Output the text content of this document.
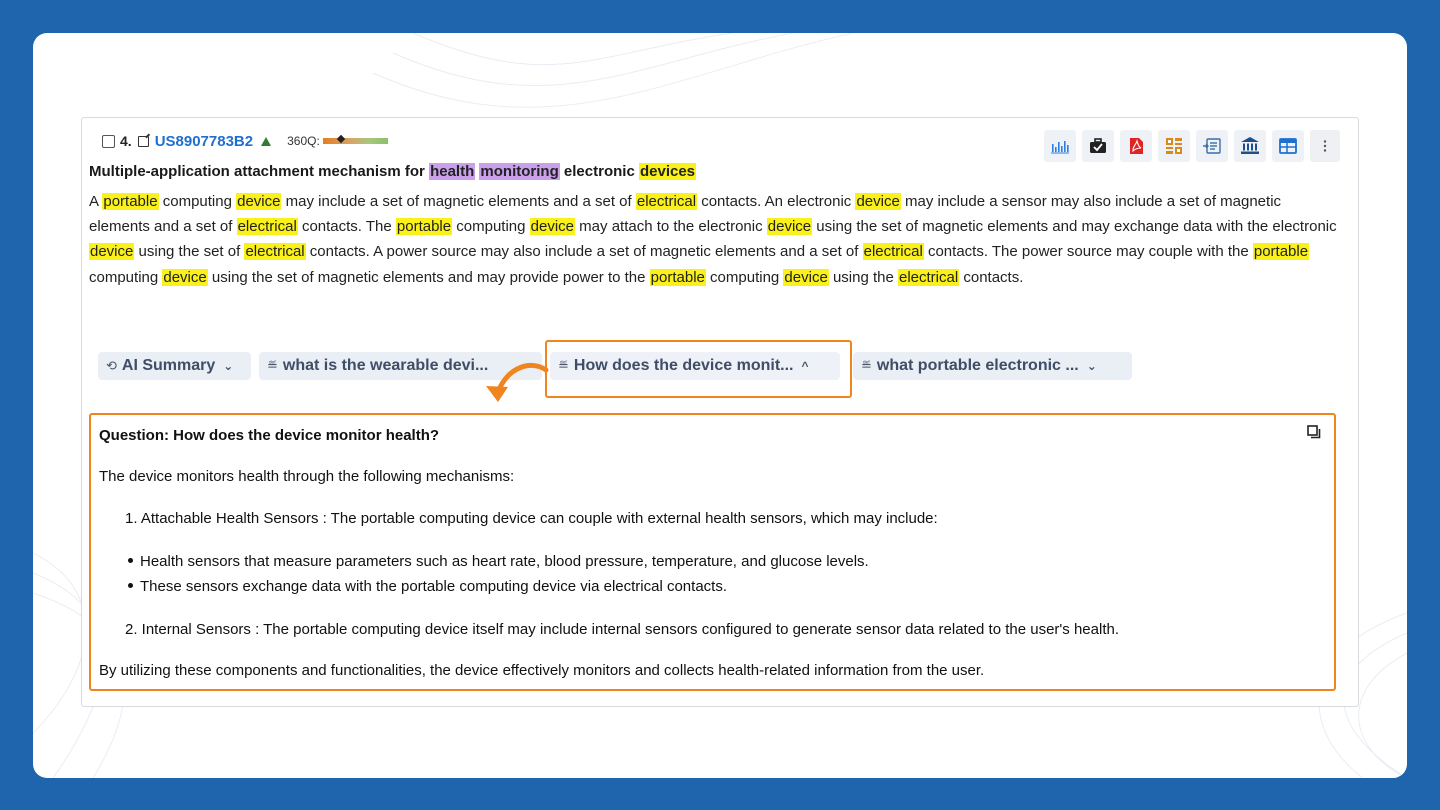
4. US8907783B2	360Q:
Multiple-application attachment mechanism for health monitoring electronic devices
A portable computing device may include a set of magnetic elements and a set of electrical contacts. An electronic device may include a sensor may also include a set of magnetic elements and a set of electrical contacts. The portable computing device may attach to the electronic device using the set of magnetic elements and may exchange data with the electronic device using the set of electrical contacts. A power source may also include a set of magnetic elements and a set of electrical contacts. The power source may couple with the portable computing device using the set of magnetic elements and may provide power to the portable computing device using the electrical contacts.
⟲ AI Summary ⌄	≝ what is the wearable devi...	≝ How does the device monit... ^	≝ what portable electronic ... ⌄
Question: How does the device monitor health?
The device monitors health through the following mechanisms:
1. Attachable Health Sensors : The portable computing device can couple with external health sensors, which may include:
Health sensors that measure parameters such as heart rate, blood pressure, temperature, and glucose levels.
These sensors exchange data with the portable computing device via electrical contacts.
2. Internal Sensors : The portable computing device itself may include internal sensors configured to generate sensor data related to the user's health.
By utilizing these components and functionalities, the device effectively monitors and collects health-related information from the user.
